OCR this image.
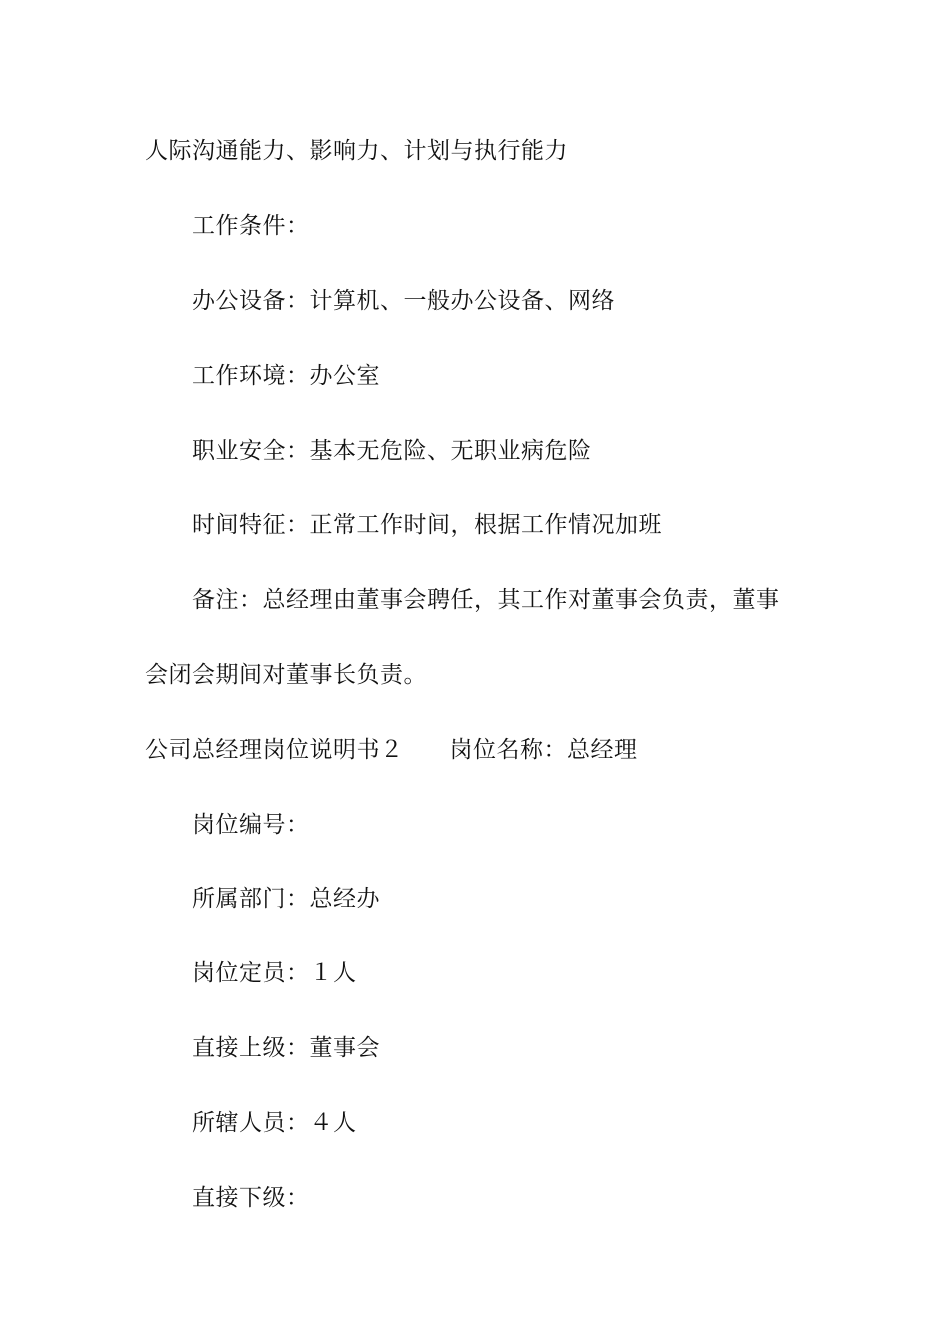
人际沟通能力、影响力、计划与执行能力
工作条件：
办公设备：计算机、一般办公设备、网络
工作环境：办公室
职业安全：基本无危险、无职业病危险
时间特征：正常工作时间，根据工作情况加班
备注：总经理由董事会聘任，其工作对董事会负责，董事
会闭会期间对董事长负责。
公司总经理岗位说明书２ 岗位名称：总经理
岗位编号：
所属部门：总经办
岗位定员：１人
直接上级：董事会
所辖人员：４人
直接下级：
